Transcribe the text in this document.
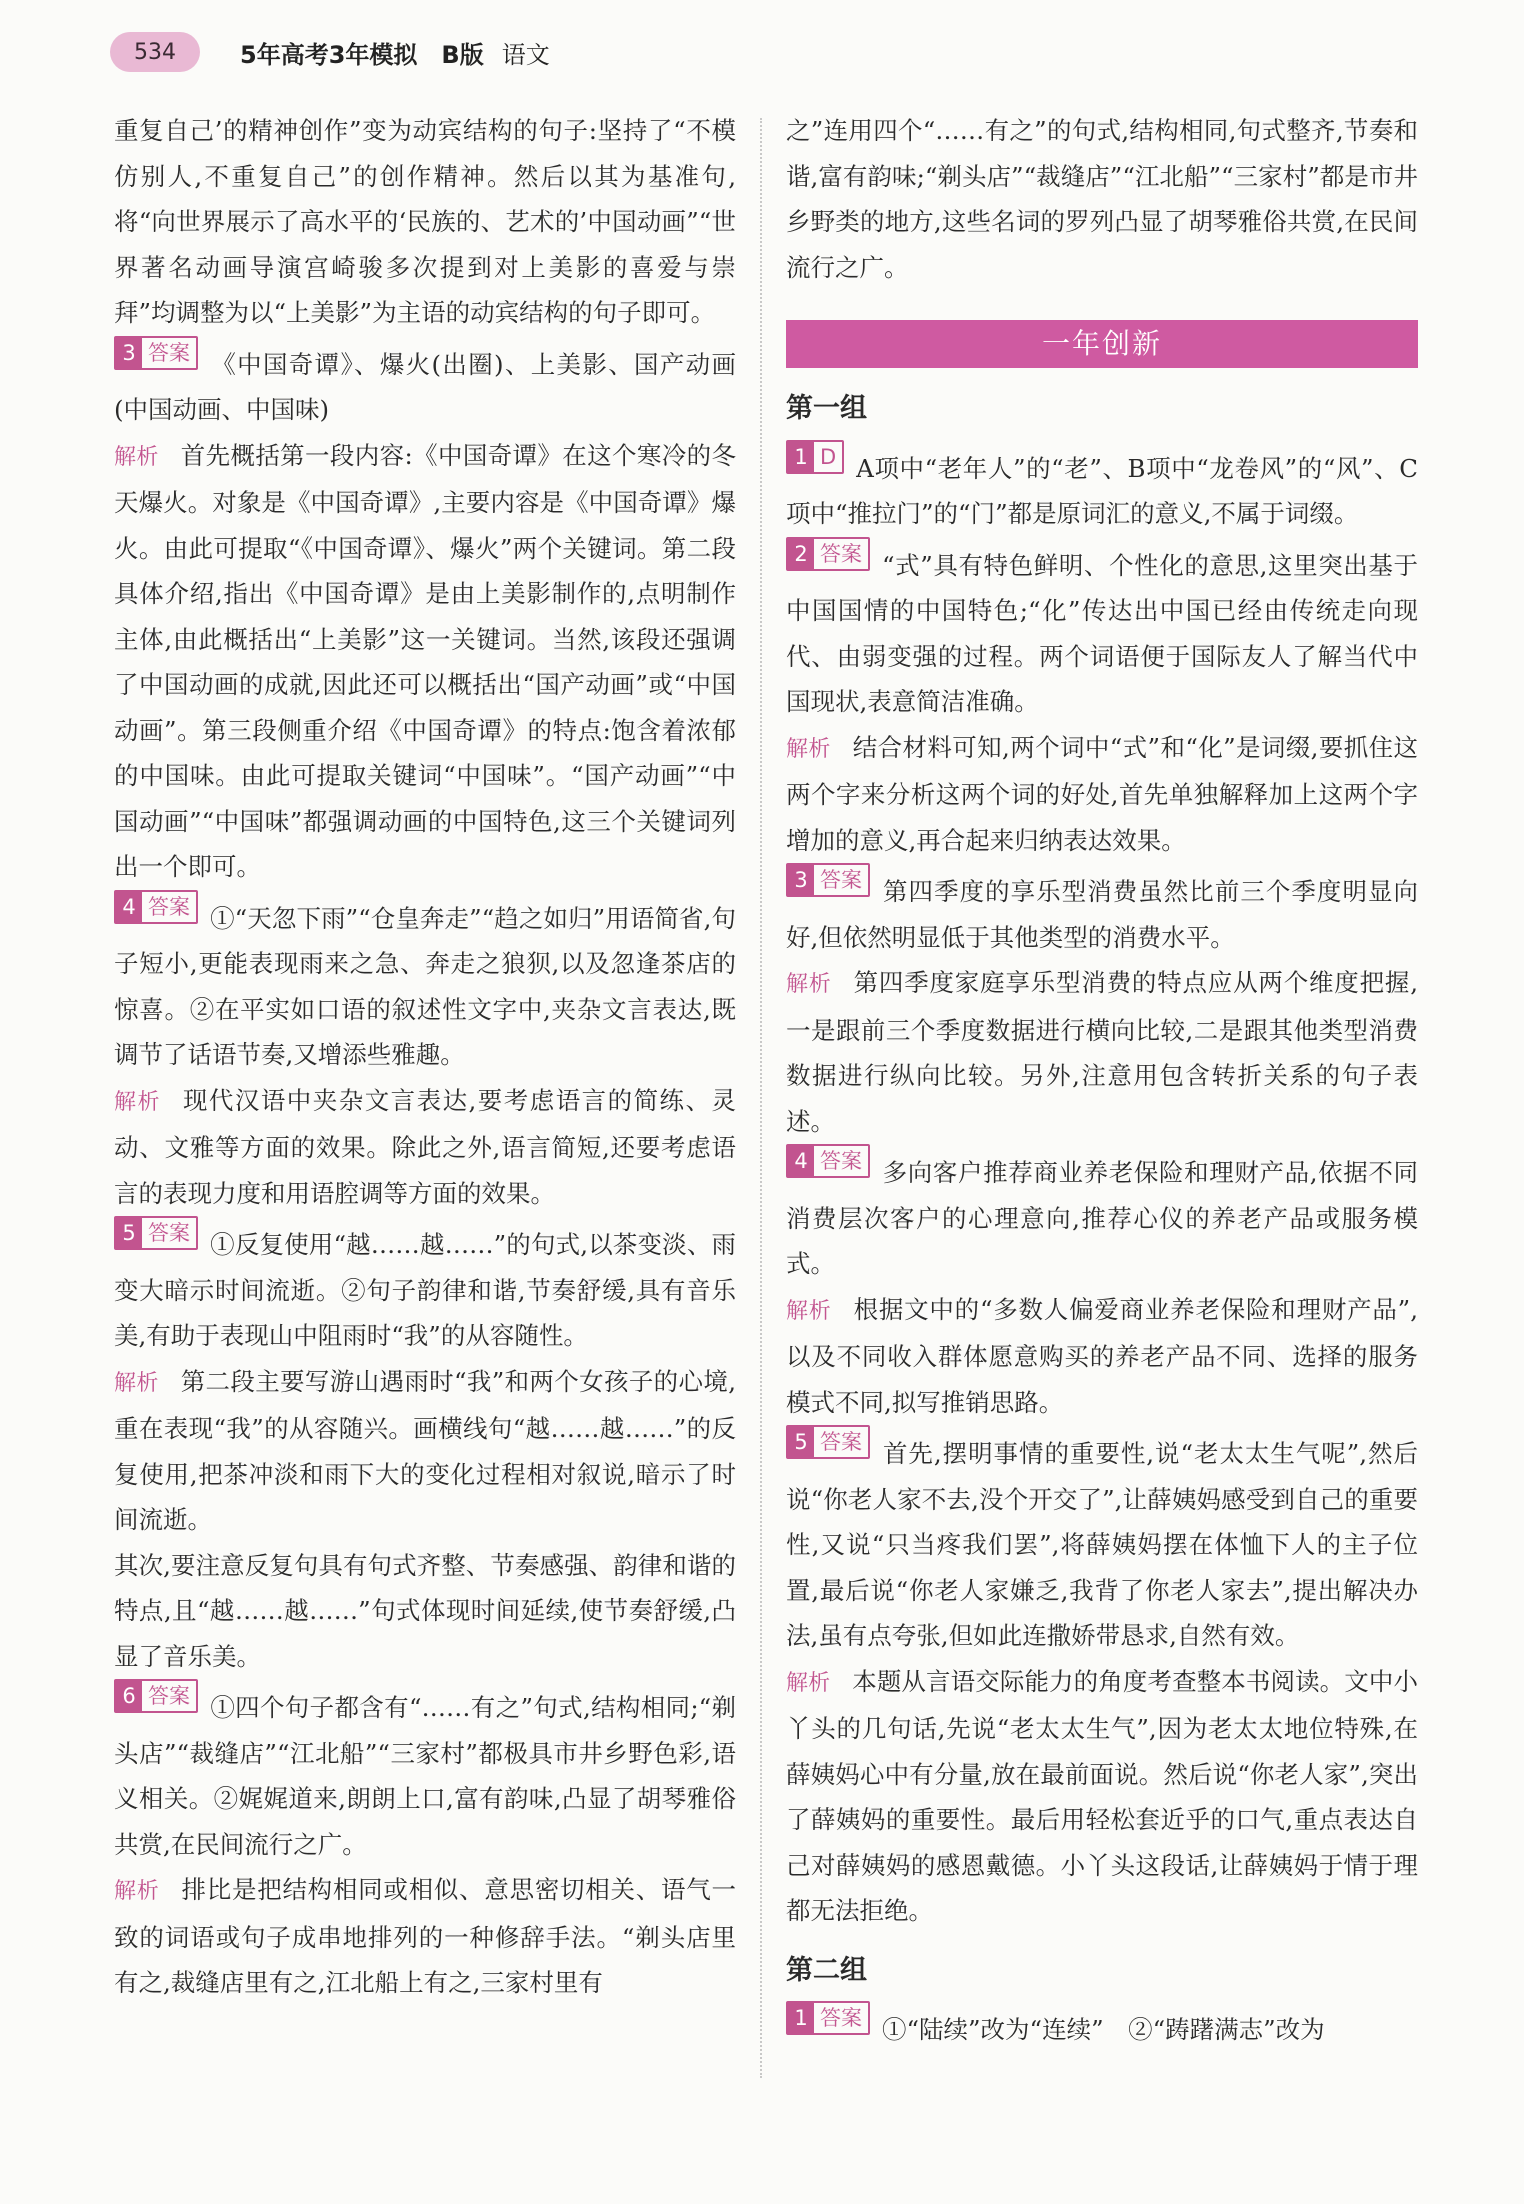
534	5年高考3年模拟 B版 语文

重复自己’的精神创作”变为动宾结构的句子:坚持了“不模仿别人,不重复自己”的创作精神。然后以其为基准句,将“向世界展示了高水平的‘民族的、艺术的’中国动画”“世界著名动画导演宫崎骏多次提到对上美影的喜爱与崇拜”均调整为以“上美影”为主语的动宾结构的句子即可。

3 答案 《中国奇谭》、爆火(出圈)、上美影、国产动画(中国动画、中国味)

解析 首先概括第一段内容:《中国奇谭》在这个寒冷的冬天爆火。对象是《中国奇谭》,主要内容是《中国奇谭》爆火。由此可提取“《中国奇谭》、爆火”两个关键词。第二段具体介绍,指出《中国奇谭》是由上美影制作的,点明制作主体,由此概括出“上美影”这一关键词。当然,该段还强调了中国动画的成就,因此还可以概括出“国产动画”或“中国动画”。第三段侧重介绍《中国奇谭》的特点:饱含着浓郁的中国味。由此可提取关键词“中国味”。“国产动画”“中国动画”“中国味”都强调动画的中国特色,这三个关键词列出一个即可。

4 答案 ①“天忽下雨”“仓皇奔走”“趋之如归”用语简省,句子短小,更能表现雨来之急、奔走之狼狈,以及忽逢茶店的惊喜。②在平实如口语的叙述性文字中,夹杂文言表达,既调节了话语节奏,又增添些雅趣。

解析 现代汉语中夹杂文言表达,要考虑语言的简练、灵动、文雅等方面的效果。除此之外,语言简短,还要考虑语言的表现力度和用语腔调等方面的效果。

5 答案 ①反复使用“越……越……”的句式,以茶变淡、雨变大暗示时间流逝。②句子韵律和谐,节奏舒缓,具有音乐美,有助于表现山中阻雨时“我”的从容随性。

解析 第二段主要写游山遇雨时“我”和两个女孩子的心境,重在表现“我”的从容随兴。画横线句“越……越……”的反复使用,把茶冲淡和雨下大的变化过程相对叙说,暗示了时间流逝。

其次,要注意反复句具有句式齐整、节奏感强、韵律和谐的特点,且“越……越……”句式体现时间延续,使节奏舒缓,凸显了音乐美。

6 答案 ①四个句子都含有“……有之”句式,结构相同;“剃头店”“裁缝店”“江北船”“三家村”都极具市井乡野色彩,语义相关。②娓娓道来,朗朗上口,富有韵味,凸显了胡琴雅俗共赏,在民间流行之广。

解析 排比是把结构相同或相似、意思密切相关、语气一致的词语或句子成串地排列的一种修辞手法。“剃头店里有之,裁缝店里有之,江北船上有之,三家村里有

之”连用四个“……有之”的句式,结构相同,句式整齐,节奏和谐,富有韵味;“剃头店”“裁缝店”“江北船”“三家村”都是市井乡野类的地方,这些名词的罗列凸显了胡琴雅俗共赏,在民间流行之广。

一年创新
第一组

1 D A项中“老年人”的“老”、B项中“龙卷风”的“风”、C项中“推拉门”的“门”都是原词汇的意义,不属于词缀。

2 答案 “式”具有特色鲜明、个性化的意思,这里突出基于中国国情的中国特色;“化”传达出中国已经由传统走向现代、由弱变强的过程。两个词语便于国际友人了解当代中国现状,表意简洁准确。

解析 结合材料可知,两个词中“式”和“化”是词缀,要抓住这两个字来分析这两个词的好处,首先单独解释加上这两个字增加的意义,再合起来归纳表达效果。

3 答案 第四季度的享乐型消费虽然比前三个季度明显向好,但依然明显低于其他类型的消费水平。

解析 第四季度家庭享乐型消费的特点应从两个维度把握,一是跟前三个季度数据进行横向比较,二是跟其他类型消费数据进行纵向比较。另外,注意用包含转折关系的句子表述。

4 答案 多向客户推荐商业养老保险和理财产品,依据不同消费层次客户的心理意向,推荐心仪的养老产品或服务模式。

解析 根据文中的“多数人偏爱商业养老保险和理财产品”,以及不同收入群体愿意购买的养老产品不同、选择的服务模式不同,拟写推销思路。

5 答案 首先,摆明事情的重要性,说“老太太生气呢”,然后说“你老人家不去,没个开交了”,让薛姨妈感受到自己的重要性,又说“只当疼我们罢”,将薛姨妈摆在体恤下人的主子位置,最后说“你老人家嫌乏,我背了你老人家去”,提出解决办法,虽有点夸张,但如此连撒娇带恳求,自然有效。

解析 本题从言语交际能力的角度考查整本书阅读。文中小丫头的几句话,先说“老太太生气”,因为老太太地位特殊,在薛姨妈心中有分量,放在最前面说。然后说“你老人家”,突出了薛姨妈的重要性。最后用轻松套近乎的口气,重点表达自己对薛姨妈的感恩戴德。小丫头这段话,让薛姨妈于情于理都无法拒绝。

第二组

1 答案 ①“陆续”改为“连续”　②“踌躇满志”改为
